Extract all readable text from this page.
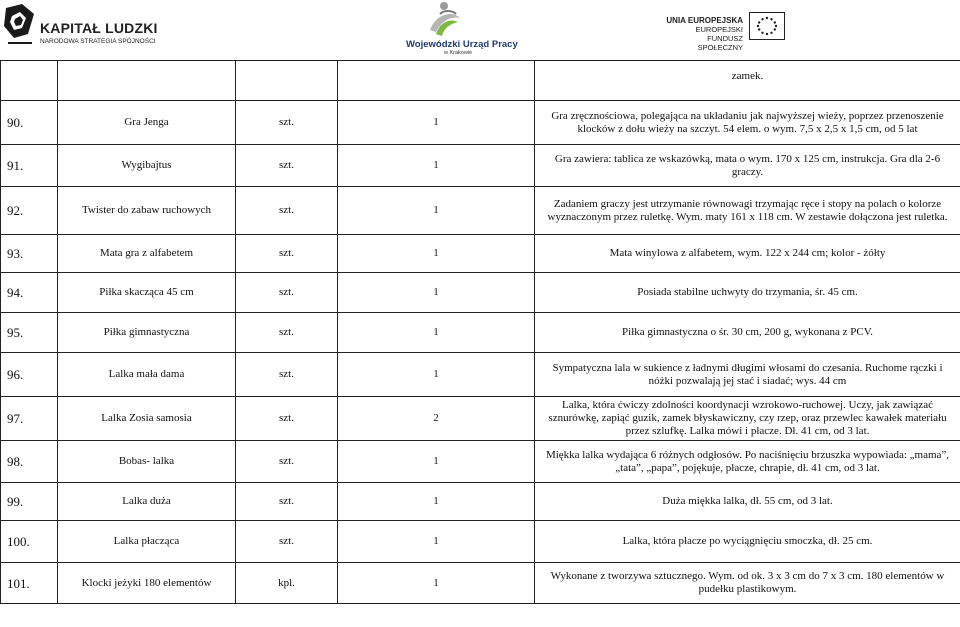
KAPITAŁ LUDZKI
NARODOWA STRATEGIA SPÓJNOŚCI	Wojewódzki Urząd Pracy
w Krakowie
UNIA EUROPEJSKA
EUROPEJSKI
FUNDUSZ SPOŁECZNY
				zamek.
90.	Gra Jenga	szt.	1	Gra zręcznościowa, polegająca na układaniu jak najwyższej wieży, poprzez przenoszenie klocków z dołu wieży na szczyt. 54 elem. o wym. 7,5 x 2,5 x 1,5 cm, od 5 lat
91.	Wygibajtus	szt.	1	Gra zawiera: tablica ze wskazówką, mata o wym. 170 x 125 cm, instrukcja. Gra dla 2-6 graczy.
92.	Twister do zabaw ruchowych	szt.	1	Zadaniem graczy jest utrzymanie równowagi trzymając ręce i stopy na polach o kolorze wyznaczonym przez ruletkę. Wym. maty 161 x 118 cm. W zestawie dołączona jest ruletka.
93.	Mata gra z alfabetem	szt.	1	Mata winylowa z alfabetem, wym. 122 x 244 cm; kolor - żółty
94.	Piłka skacząca 45 cm	szt.	1	Posiada stabilne uchwyty do trzymania, śr. 45 cm.
95.	Piłka gimnastyczna	szt.	1	Piłka gimnastyczna o śr. 30 cm, 200 g, wykonana z PCV.
96.	Lalka mała dama	szt.	1	Sympatyczna lala w sukience z ładnymi długimi włosami do czesania. Ruchome rączki i nóżki pozwalają jej stać i siadać; wys. 44 cm
97.	Lalka Zosia samosia	szt.	2	Lalka, która ćwiczy zdolności koordynacji wzrokowo-ruchowej. Uczy, jak zawiązać sznurówkę, zapiąć guzik, zamek błyskawiczny, czy rzep, oraz przewlec kawałek materiału przez szlufkę. Lalka mówi i płacze. Dł. 41 cm, od 3 lat.
98.	Bobas- lalka	szt.	1	Miękka lalka wydająca 6 różnych odgłosów. Po naciśnięciu brzuszka wypowiada: „mama”, „tata”, „papa”, pojękuje, płacze, chrapie, dł. 41 cm, od 3 lat.
99.	Lalka duża	szt.	1	Duża miękka lalka, dł. 55 cm, od 3 lat.
100.	Lalka płacząca	szt.	1	Lalka, która płacze po wyciągnięciu smoczka, dł. 25 cm.
101.	Klocki jeżyki 180 elementów	kpl.	1	Wykonane z tworzywa sztucznego. Wym. od ok. 3 x 3 cm do 7 x 3 cm. 180 elementów w pudełku plastikowym.
